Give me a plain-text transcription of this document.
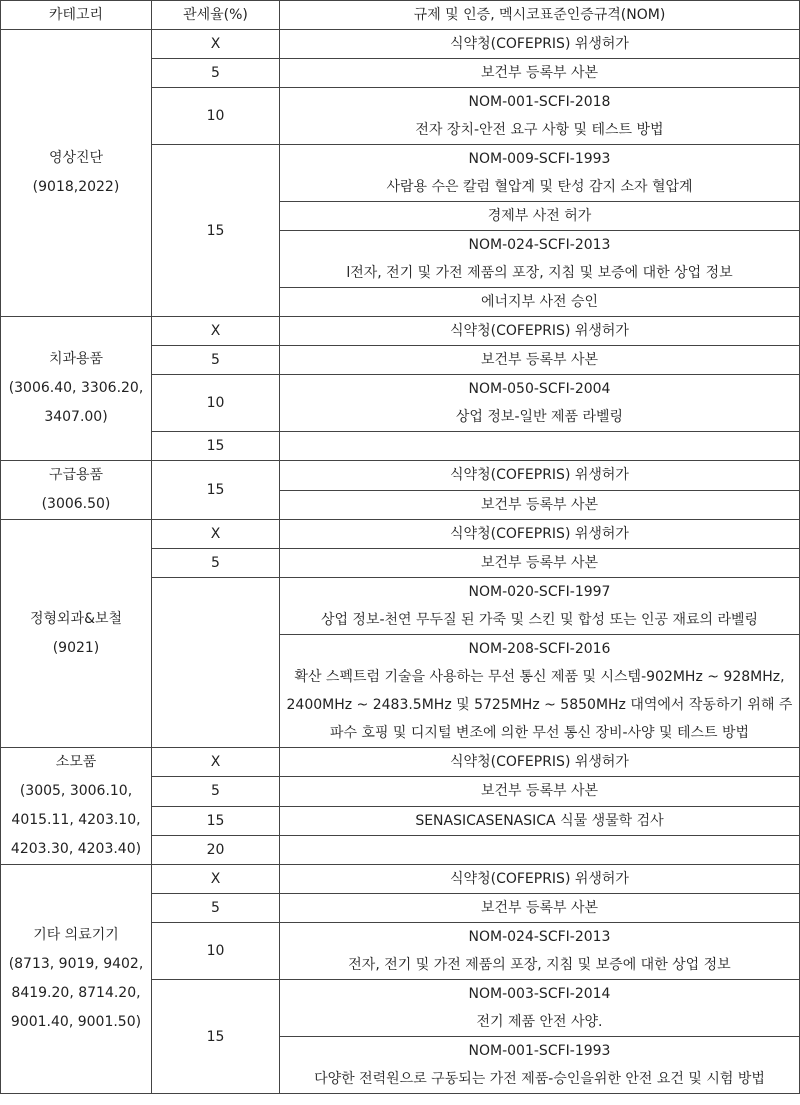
카테고리	관세율(%)	규제 및 인증, 멕시코표준인증규격(NOM)

영상진단
(9018,2022)	X	식약청(COFEPRIS) 위생허가

	5	보건부 등록부 사본

	10	NOM-001-SCFI-2018
전자 장치-안전 요구 사항 및 테스트 방법

	15	NOM-009-SCFI-1993
사람용 수은 칼럼 혈압계 및 탄성 감지 소자 혈압계

		경제부 사전 허가

		NOM-024-SCFI-2013
l전자, 전기 및 가전 제품의 포장, 지침 및 보증에 대한 상업 정보

		에너지부 사전 승인

치과용품
(3006.40, 3306.20,
3407.00)	X	식약청(COFEPRIS) 위생허가

	5	보건부 등록부 사본

	10	NOM-050-SCFI-2004
상업 정보-일반 제품 라벨링

	15	

구급용품
(3006.50)	15	식약청(COFEPRIS) 위생허가

		보건부 등록부 사본

정형외과&보철
(9021)	X	식약청(COFEPRIS) 위생허가

	5	보건부 등록부 사본

		NOM-020-SCFI-1997
상업 정보-천연 무두질 된 가죽 및 스킨 및 합성 또는 인공 재료의 라벨링

		NOM-208-SCFI-2016
확산 스펙트럼 기술을 사용하는 무선 통신 제품 및 시스템-902MHz ~ 928MHz,
2400MHz ~ 2483.5MHz 및 5725MHz ~ 5850MHz 대역에서 작동하기 위해 주
파수 호핑 및 디지털 변조에 의한 무선 통신 장비-사양 및 테스트 방법

소모품
(3005, 3006.10,
4015.11, 4203.10,
4203.30, 4203.40)	X	식약청(COFEPRIS) 위생허가

	5	보건부 등록부 사본

	15	SENASICASENASICA 식물 생물학 검사

	20	

기타 의료기기
(8713, 9019, 9402,
8419.20, 8714.20,
9001.40, 9001.50)	X	식약청(COFEPRIS) 위생허가

	5	보건부 등록부 사본

	10	NOM-024-SCFI-2013
전자, 전기 및 가전 제품의 포장, 지침 및 보증에 대한 상업 정보

	15	NOM-003-SCFI-2014
전기 제품 안전 사양.

		NOM-001-SCFI-1993
다양한 전력원으로 구동되는 가전 제품-승인을위한 안전 요건 및 시험 방법
